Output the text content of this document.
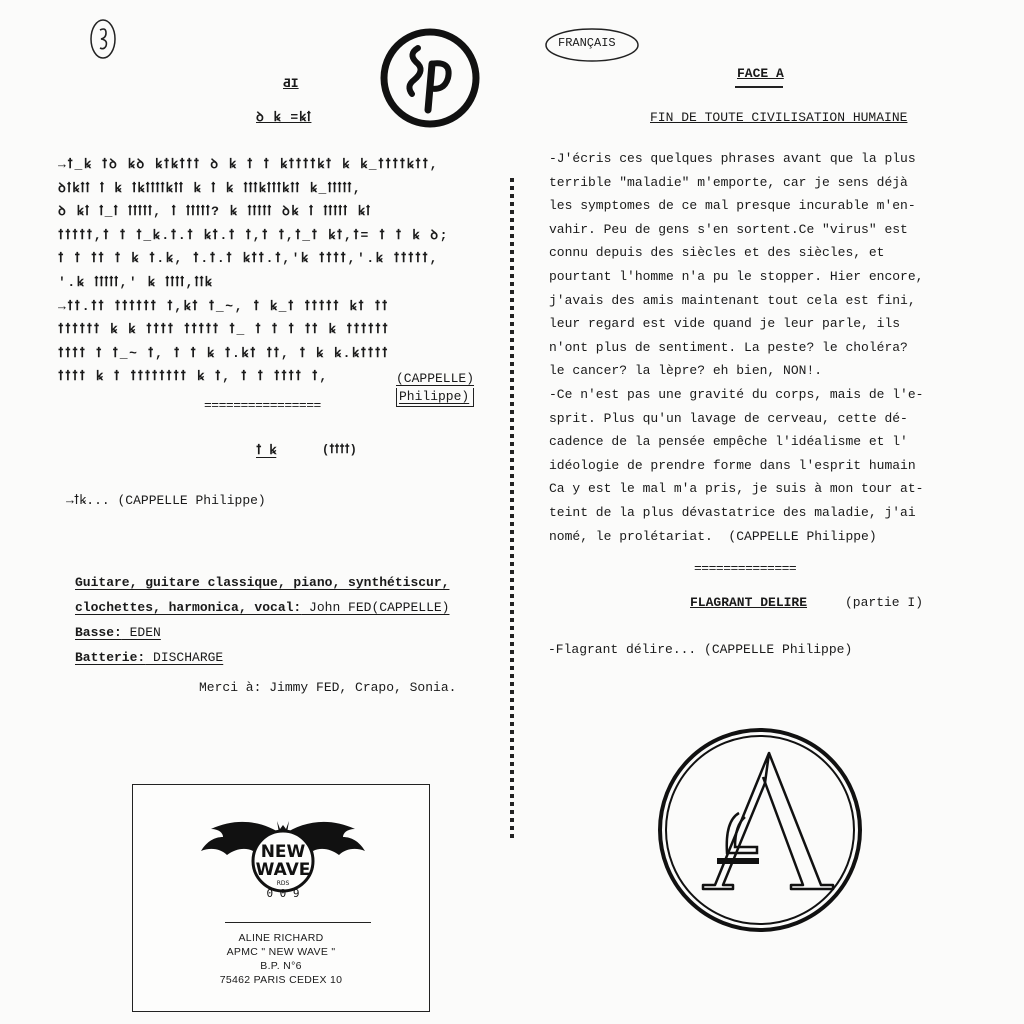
FRANÇAIS
ƋI
ꝺ ꝃ =ꝃꝉ
→ꝉ_ꝃ ꝉꝺ ꝃꝺ ꝃꝉꝃꝉꝉꝉ ꝺ ꝃ ꝉ ꝉ ꝃꝉꝉꝉꝉꝃꝉ ꝃ ꝃ_ꝉꝉꝉꝉꝃꝉꝉ,
ꝺꝉꝃꝉꝉ ꝉ ꝃ ꝉꝃꝉꝉꝉꝉꝃꝉꝉ ꝃ ꝉ ꝃ ꝉꝉꝉꝃꝉꝉꝉꝃꝉꝉ ꝃ_ꝉꝉꝉꝉꝉ,
ꝺ ꝃꝉ ꝉ_ꝉ ꝉꝉꝉꝉꝉ, ꝉ ꝉꝉꝉꝉꝉ? ꝃ ꝉꝉꝉꝉꝉ ꝺꝃ ꝉ ꝉꝉꝉꝉꝉ ꝃꝉ
ꝉꝉꝉꝉꝉ,ꝉ ꝉ ꝉ_ꝃ.ꝉ.ꝉ ꝃꝉ.ꝉ ꝉ,ꝉ ꝉ,ꝉ_ꝉ ꝃꝉ,ꝉ= ꝉ ꝉ ꝃ ꝺ;
ꝉ ꝉ ꝉꝉ ꝉ ꝃ ꝉ.ꝃ, ꝉ.ꝉ.ꝉ ꝃꝉꝉ.ꝉ,'ꝃ ꝉꝉꝉꝉ,'.ꝃ ꝉꝉꝉꝉꝉ,
'.ꝃ ꝉꝉꝉꝉꝉ,' ꝃ ꝉꝉꝉꝉ,ꝉꝉꝃ
→ꝉꝉ.ꝉꝉ ꝉꝉꝉꝉꝉꝉ ꝉ,ꝃꝉ ꝉ_~, ꝉ ꝃ_ꝉ ꝉꝉꝉꝉꝉ ꝃꝉ ꝉꝉ
ꝉꝉꝉꝉꝉꝉ ꝃ ꝃ ꝉꝉꝉꝉ ꝉꝉꝉꝉꝉ ꝉ_ ꝉ ꝉ ꝉ ꝉꝉ ꝃ ꝉꝉꝉꝉꝉꝉ
ꝉꝉꝉꝉ ꝉ ꝉ_~ ꝉ, ꝉ ꝉ ꝃ ꝉ.ꝃꝉ ꝉꝉ, ꝉ ꝃ ꝃ.ꝃꝉꝉꝉꝉ
ꝉꝉꝉꝉ ꝃ ꝉ ꝉꝉꝉꝉꝉꝉꝉꝉ ꝃ ꝉ, ꝉ ꝉ ꝉꝉꝉꝉ ꝉ,	(CAPPELLE)
Philippe)
================
ꝉ ꝃ	(ꝉꝉꝉꝉ)
→ꝉꝃ... (CAPPELLE Philippe)
Guitare, guitare classique, piano, synthétiscur,
clochettes, harmonica, vocal: John FED(CAPPELLE)
Basse: EDEN
Batterie: DISCHARGE
Merci à: Jimmy FED, Crapo, Sonia.
FACE A
FIN DE TOUTE CIVILISATION HUMAINE
-J'écris ces quelques phrases avant que la plus
terrible "maladie" m'emporte, car je sens déjà
les symptomes de ce mal presque incurable m'en-
vahir. Peu de gens s'en sortent.Ce "virus" est
connu depuis des siècles et des siècles, et
pourtant l'homme n'a pu le stopper. Hier encore,
j'avais des amis maintenant tout cela est fini,
leur regard est vide quand je leur parle, ils
n'ont plus de sentiment. La peste? le choléra?
le cancer? la lèpre? eh bien, NON!.
-Ce n'est pas une gravité du corps, mais de l'e-
sprit. Plus qu'un lavage de cerveau, cette dé-
cadence de la pensée empêche l'idéalisme et l'
idéologie de prendre forme dans l'esprit humain
Ca y est le mal m'a pris, je suis à mon tour at-
teint de la plus dévastatrice des maladie, j'ai
nomé, le prolétariat.  (CAPPELLE Philippe)
==============
FLAGRANT DELIRE	(partie I)
-Flagrant délire... (CAPPELLE Philippe)
NEW
WAVE
RDS
0 0 9
ALINE RICHARD
APMC " NEW WAVE "
B.P. N°6
75462 PARIS CEDEX 10
